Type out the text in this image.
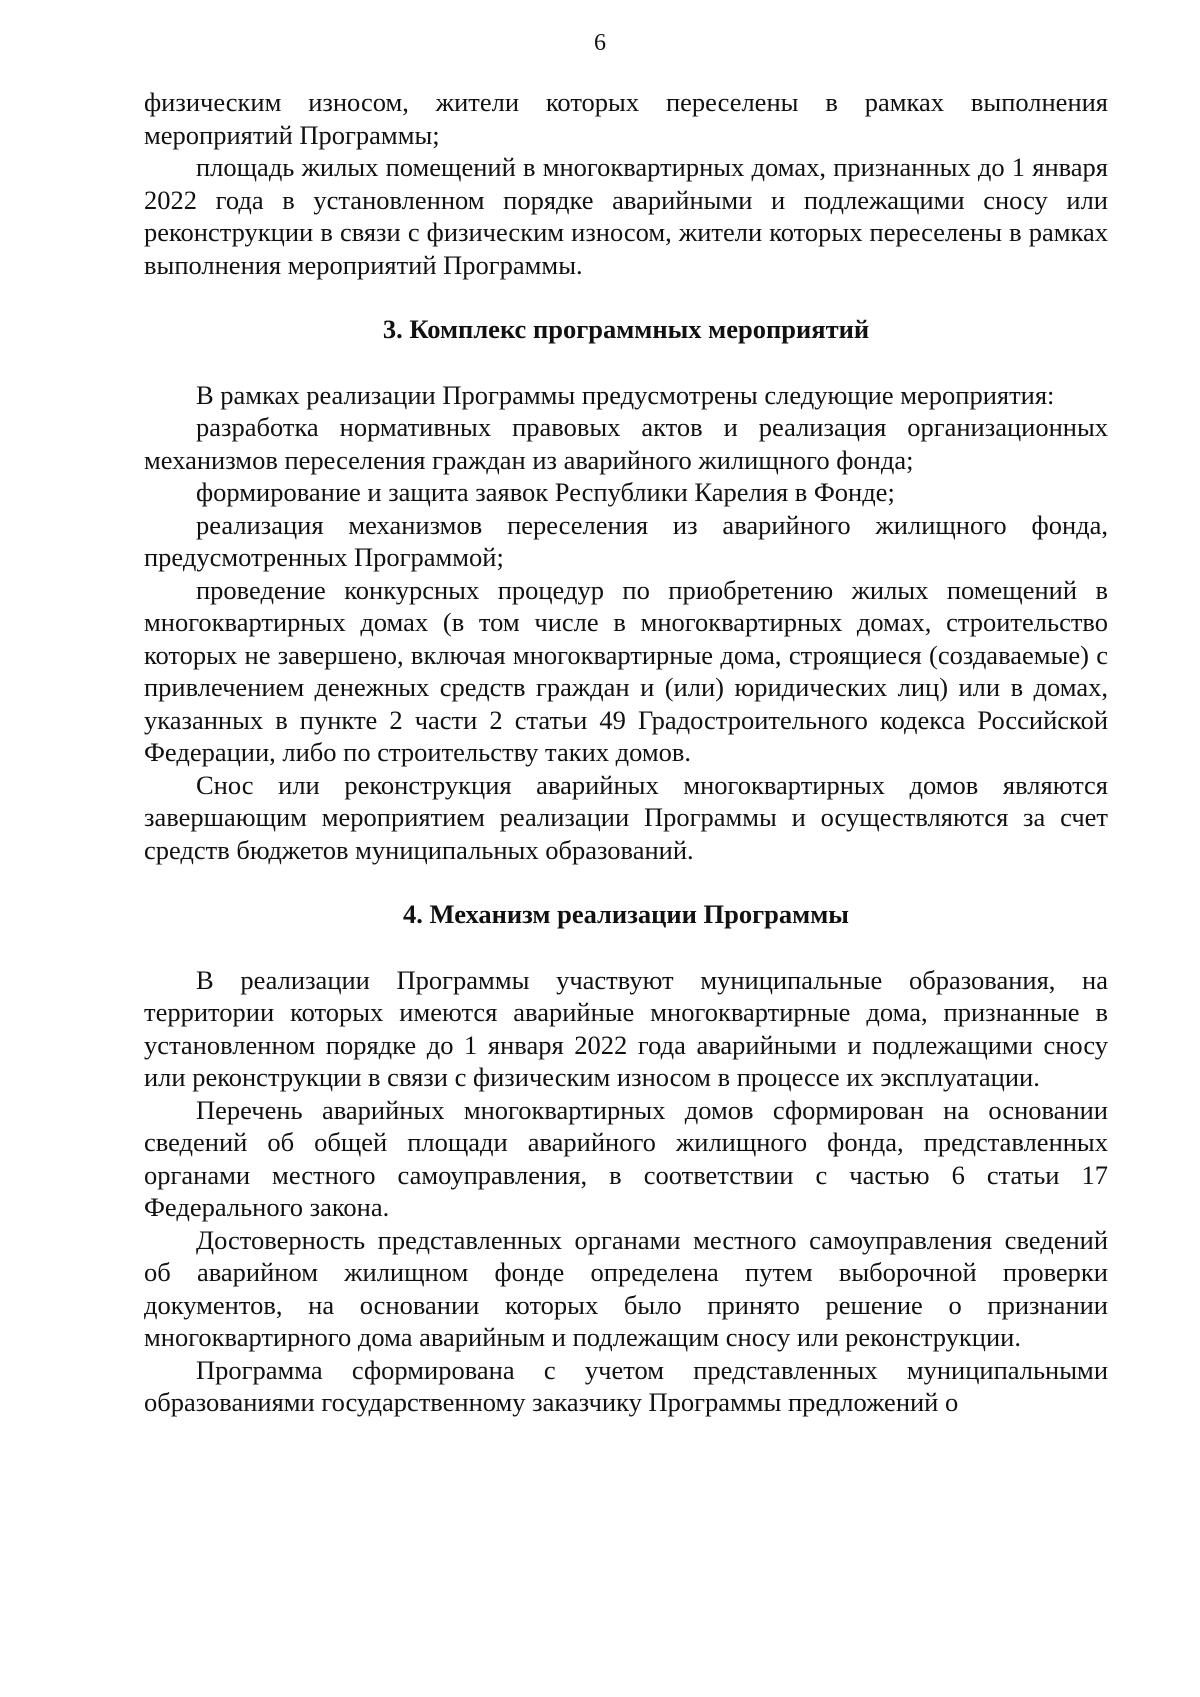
6

физическим износом, жители которых переселены в рамках выполнения мероприятий Программы;

площадь жилых помещений в многоквартирных домах, признанных до 1 января 2022 года в установленном порядке аварийными и подлежащими сносу или реконструкции в связи с физическим износом, жители которых переселены в рамках выполнения мероприятий Программы.

3. Комплекс программных мероприятий

В рамках реализации Программы предусмотрены следующие мероприятия:

разработка нормативных правовых актов и реализация организационных механизмов переселения граждан из аварийного жилищного фонда;

формирование и защита заявок Республики Карелия в Фонде;

реализация механизмов переселения из аварийного жилищного фонда, предусмотренных Программой;

проведение конкурсных процедур по приобретению жилых помещений в многоквартирных домах (в том числе в многоквартирных домах, строительство которых не завершено, включая многоквартирные дома, строящиеся (создаваемые) с привлечением денежных средств граждан и (или) юридических лиц) или в домах, указанных в пункте 2 части 2 статьи 49 Градостроительного кодекса Российской Федерации, либо по строительству таких домов.

Снос или реконструкция аварийных многоквартирных домов являются завершающим мероприятием реализации Программы и осуществляются за счет средств бюджетов муниципальных образований.

4. Механизм реализации Программы

В реализации Программы участвуют муниципальные образования, на территории которых имеются аварийные многоквартирные дома, признанные в установленном порядке до 1 января 2022 года аварийными и подлежащими сносу или реконструкции в связи с физическим износом в процессе их эксплуатации.

Перечень аварийных многоквартирных домов сформирован на основании сведений об общей площади аварийного жилищного фонда, представленных органами местного самоуправления, в соответствии с частью 6 статьи 17 Федерального закона.

Достоверность представленных органами местного самоуправления сведений об аварийном жилищном фонде определена путем выборочной проверки документов, на основании которых было принято решение о признании многоквартирного дома аварийным и подлежащим сносу или реконструкции.

Программа сформирована с учетом представленных муниципальными образованиями государственному заказчику Программы предложений о
